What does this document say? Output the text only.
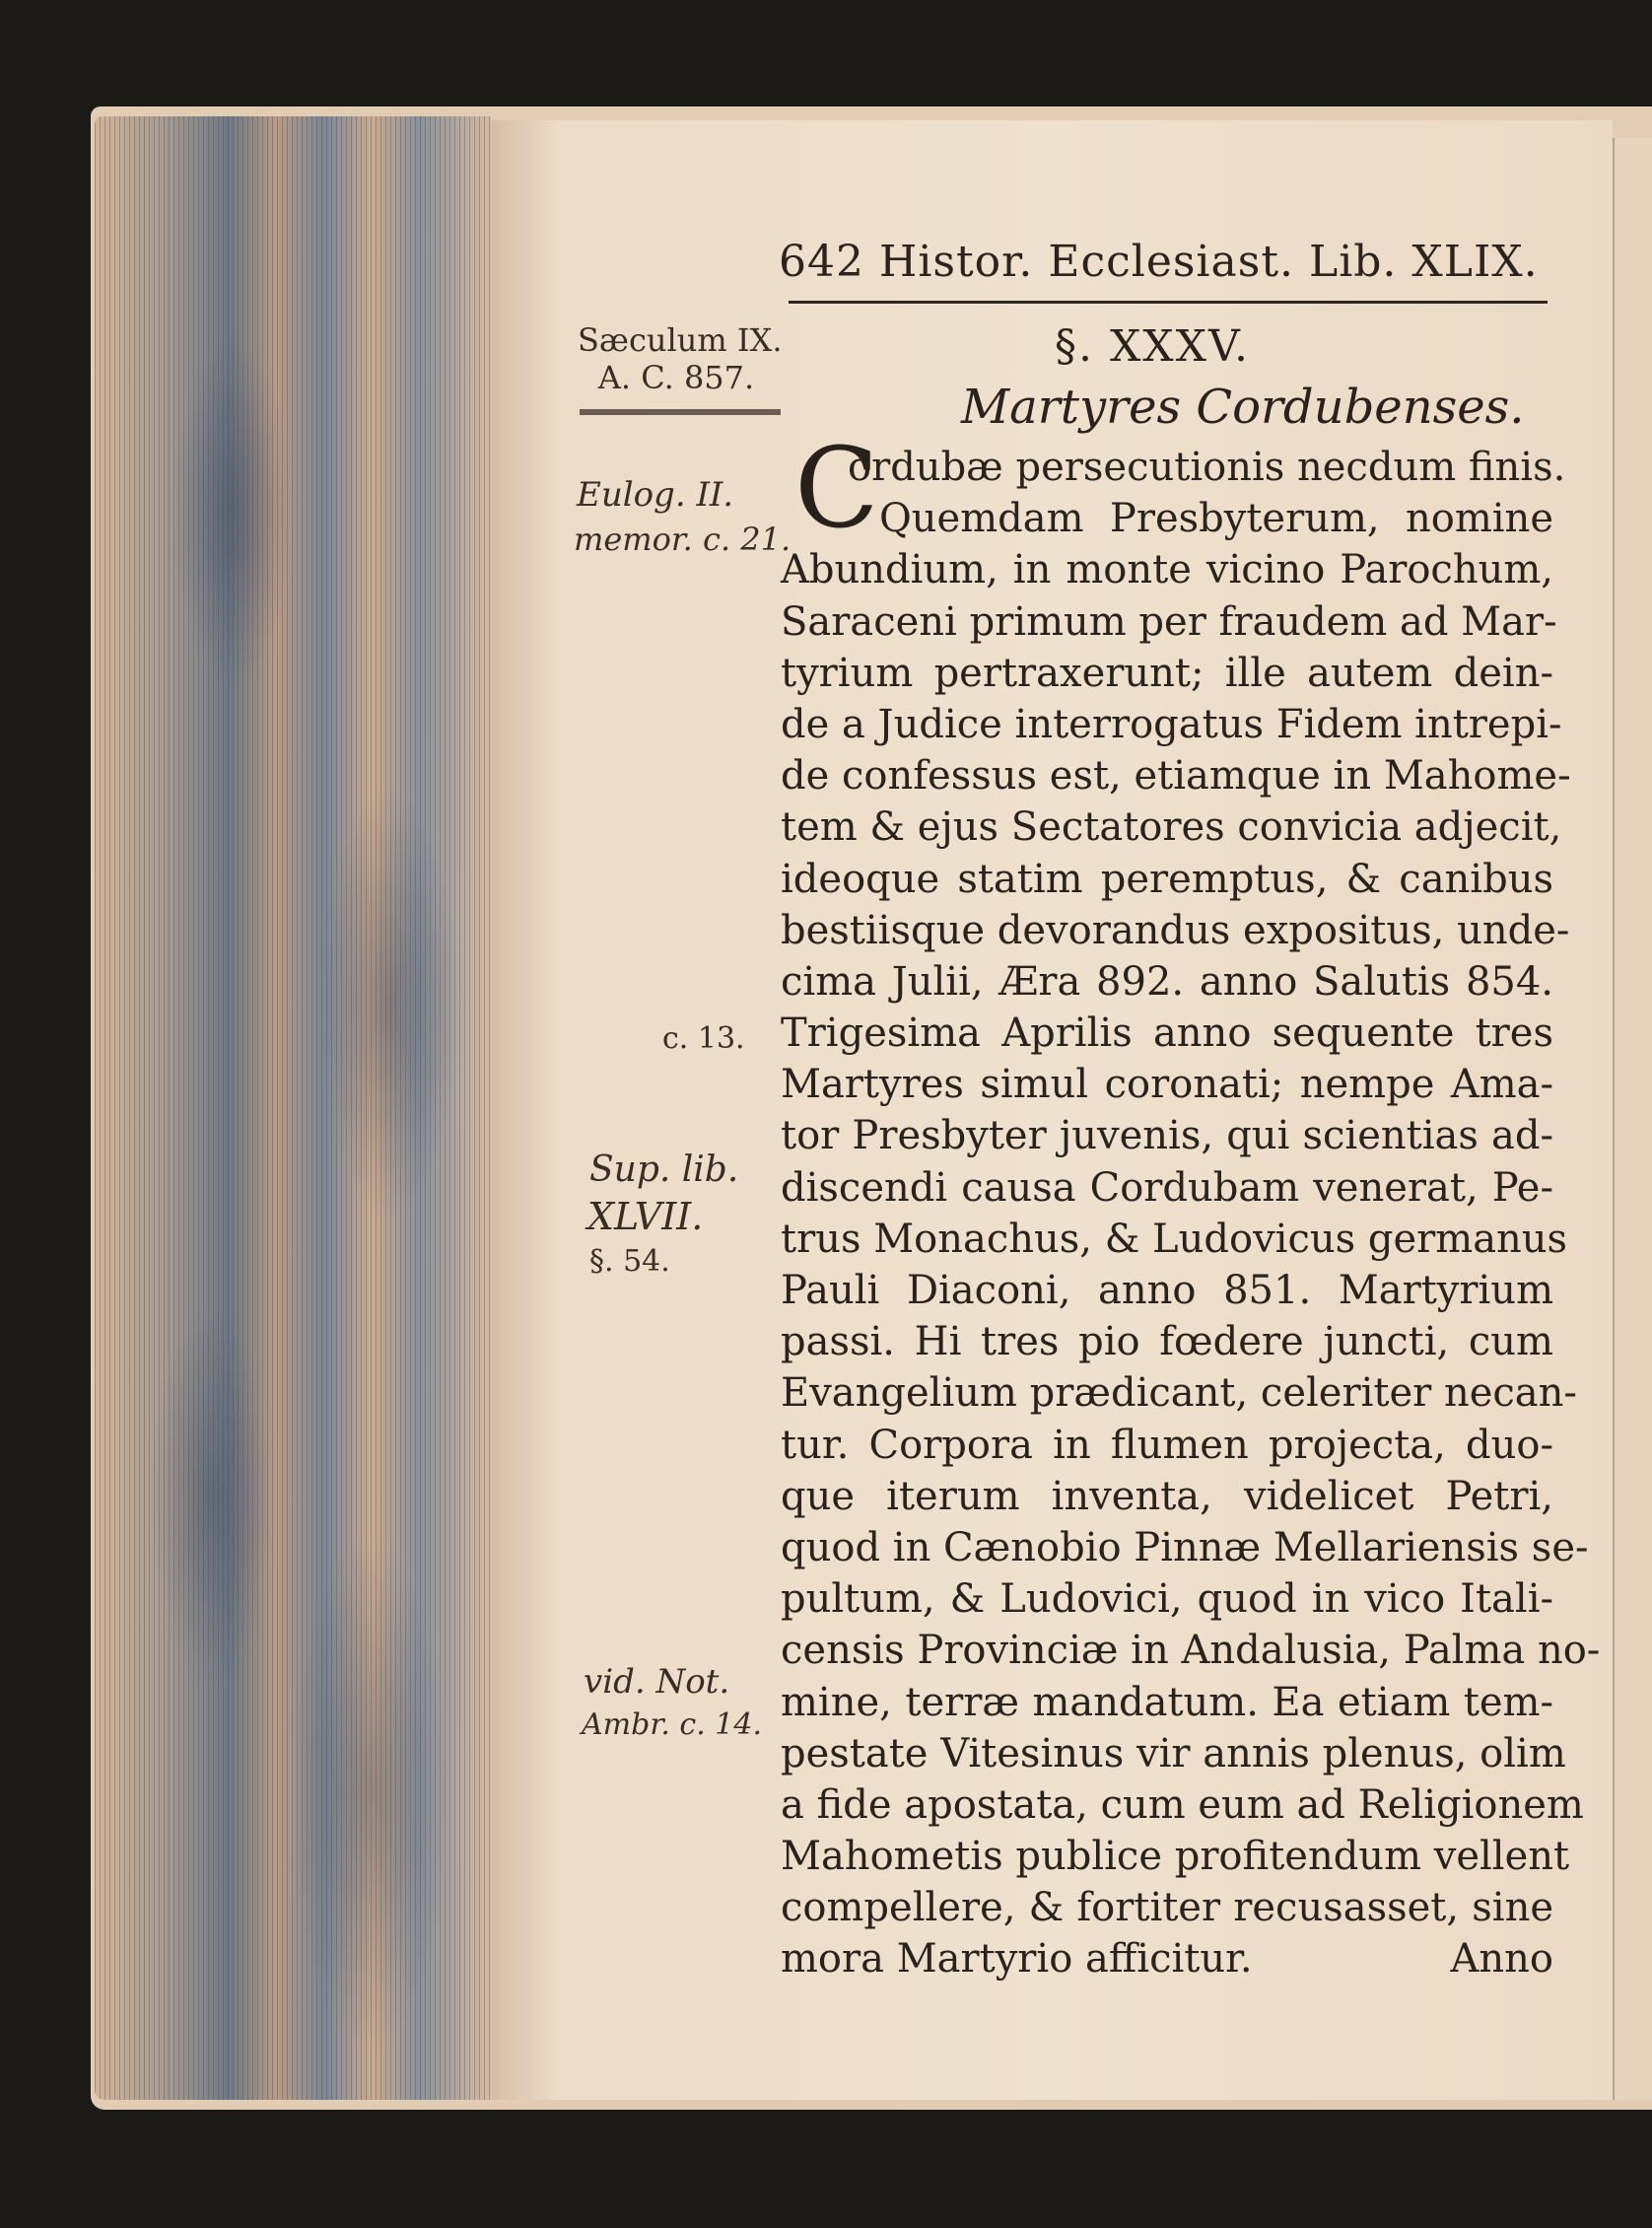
642 Histor. Ecclesiast. Lib. XLIX.
Sæculum IX.
A. C. 857.
Eulog. II.
memor. c. 21.
c. 13.
Sup. lib.
XLVII.
§. 54.
vid. Not.
Ambr. c. 14.
§. XXXV.
Martyres Cordubenses.
C
ordubæ persecutionis necdum finis.
Quemdam Presbyterum, nomine
Abundium, in monte vicino Parochum,
Saraceni primum per fraudem ad Mar-
tyrium pertraxerunt; ille autem dein-
de a Judice interrogatus Fidem intrepi-
de confessus est, etiamque in Mahome-
tem & ejus Sectatores convicia adjecit,
ideoque statim peremptus, & canibus
bestiisque devorandus expositus, unde-
cima Julii, Æra 892. anno Salutis 854.
Trigesima Aprilis anno sequente tres
Martyres simul coronati; nempe Ama-
tor Presbyter juvenis, qui scientias ad-
discendi causa Cordubam venerat, Pe-
trus Monachus, & Ludovicus germanus
Pauli Diaconi, anno 851. Martyrium
passi. Hi tres pio fœdere juncti, cum
Evangelium prædicant, celeriter necan-
tur. Corpora in flumen projecta, duo-
que iterum inventa, videlicet Petri,
quod in Cænobio Pinnæ Mellariensis se-
pultum, & Ludovici, quod in vico Itali-
censis Provinciæ in Andalusia, Palma no-
mine, terræ mandatum. Ea etiam tem-
pestate Vitesinus vir annis plenus, olim
a fide apostata, cum eum ad Religionem
Mahometis publice profitendum vellent
compellere, & fortiter recusasset, sine
mora Martyrio afficitur.	Anno
